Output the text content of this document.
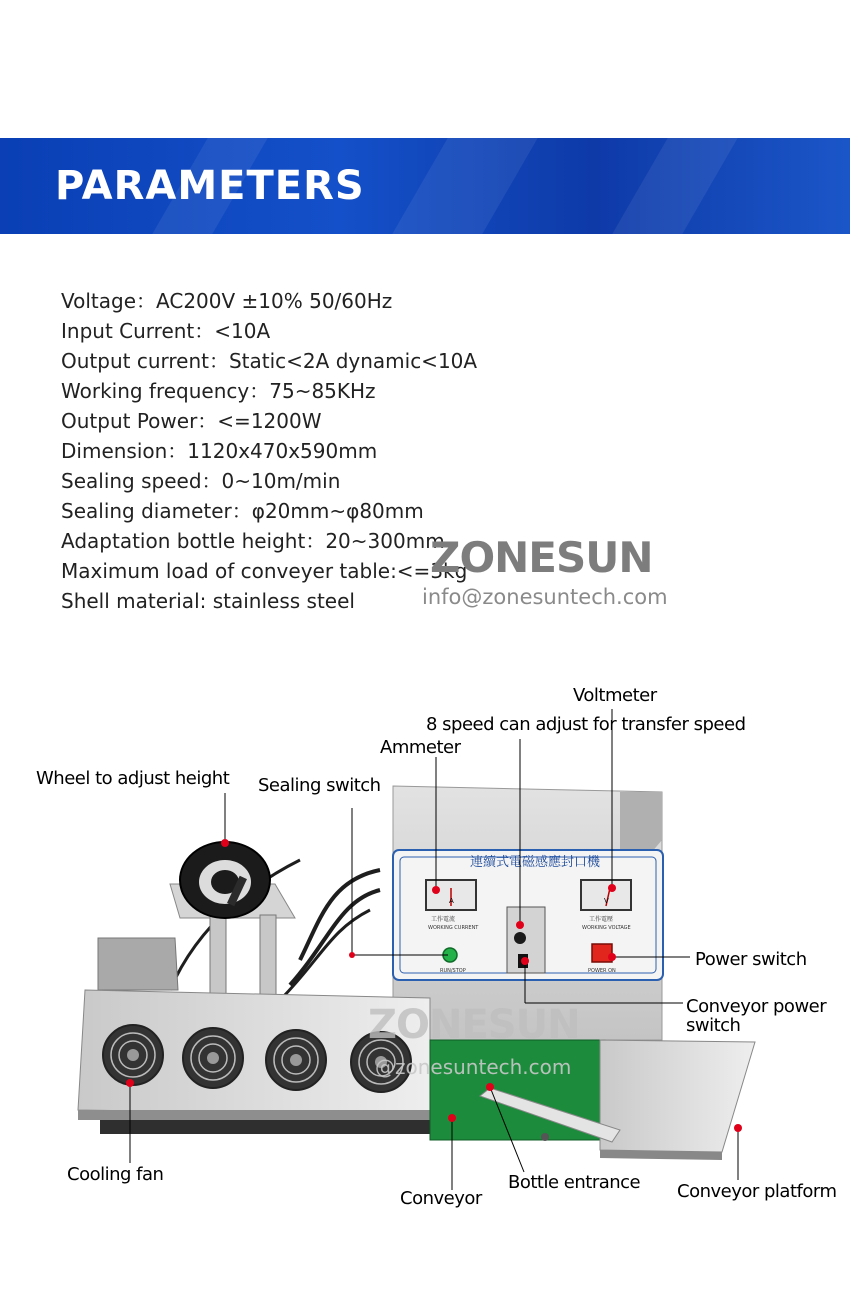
PARAMETERS
Voltage：AC200V ±10% 50/60Hz
Input Current：<10A
Output current：Static<2A dynamic<10A
Working frequency：75~85KHz
Output Power：<=1200W
Dimension：1120x470x590mm
Sealing speed：0~10m/min
Sealing diameter：φ20mm~φ80mm
Adaptation bottle height：20~300mm
Maximum load of conveyer table:<=3kg
Shell material: stainless steel
ZONESUN
info@zonesuntech.com
連續式電磁感應封口機
A
工作電流
WORKING CURRENT
RUN/STOP
V
工作電壓
WORKING VOLTAGE
POWER ON
ZONESUN
@zonesuntech.com
Voltmeter
8 speed can adjust for transfer speed
Ammeter
Wheel to adjust height Sealing switch
Power switch
Conveyor power
switch
Cooling fan	Bottle entrance
Conveyor	Conveyor platform
